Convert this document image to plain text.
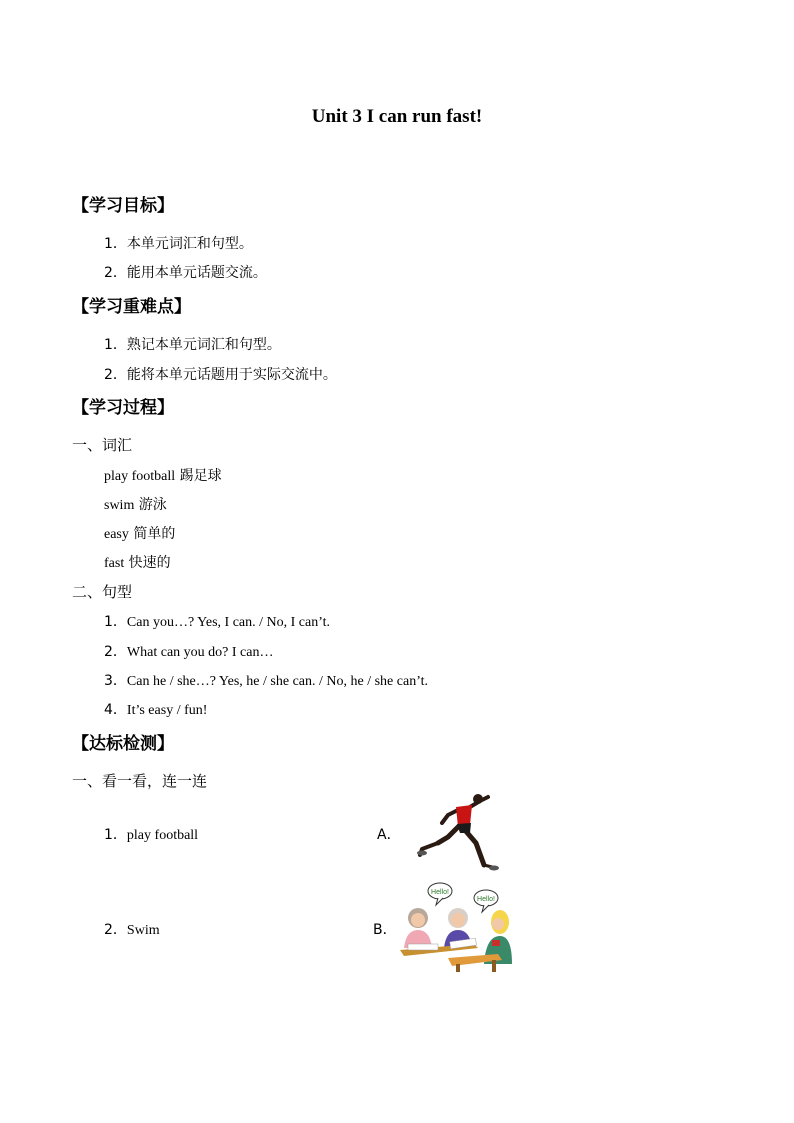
Unit 3 I can run fast!
【学习目标】
1．本单元词汇和句型。
2．能用本单元话题交流。
【学习重难点】
1．熟记本单元词汇和句型。
2．能将本单元话题用于实际交流中。
【学习过程】
一、词汇
play football 踢足球
swim 游泳
easy 简单的
fast 快速的
二、句型
1．Can you…? Yes, I can. / No, I can’t.
2．What can you do? I can…
3．Can he / she…? Yes, he / she can. / No, he / she can’t.
4．It’s easy / fun!
【达标检测】
一、看一看，连一连
1．play football	A．
2．Swim	B．
Hello!
Hello!
